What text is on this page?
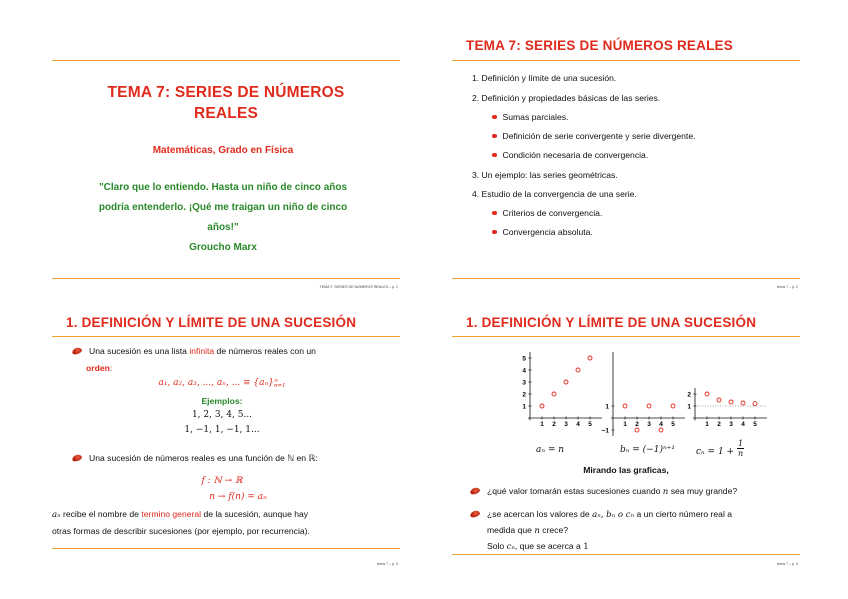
TEMA 7: SERIES DE NÚMEROS
REALES
Matemáticas, Grado en Física
"Claro que lo entiendo. Hasta un niño de cinco años
podría entenderlo. ¡Qué me traigan un niño de cinco
años!"
Groucho Marx
TEMA 7: SERIES DE NÚMEROS REALES – p. 1
TEMA 7: SERIES DE NÚMEROS REALES
1. Definición y límite de una sucesión.
2. Definición y propiedades básicas de las series.
Sumas parciales.
Definición de serie convergente y serie divergente.
Condición necesaria de convergencia.
3. Un ejemplo: las series geométricas.
4. Estudio de la convergencia de una serie.
Criterios de convergencia.
Convergencia absoluta.
tema 7 – p. 2
1. DEFINICIÓN Y LÍMITE DE UNA SUCESIÓN
Una sucesión es una lista infinita de números reales con un
orden:
a₁, a₂, a₃, ..., aₙ, ... ≡ {aₙ} ∞
n=1
Ejemplos:
1, 2, 3, 4, 5...
1, −1, 1, −1, 1...
Una sucesión de números reales es una función de ℕ en ℝ:
f : ℕ → ℝ
n → f(n) = aₙ
aₙ recibe el nombre de termino general de la sucesión, aunque hay
otras formas de describir sucesiones (por ejemplo, por recurrencia).
tema 7 – p. 3
1. DEFINICIÓN Y LÍMITE DE UNA SUCESIÓN
1 2 3 4 5
1
2
3
4
5
1 2 3 4 5
1
−1
1 2 3 4 5
1
2
aₙ = n	bₙ = (−1)ⁿ⁺¹ $c_n = 1 + \frac{1}{n}$
Mirando las graficas,
¿qué valor tomarán estas sucesiones cuando n sea muy grande?
¿se acercan los valores de aₙ, bₙ o cₙ a un cierto número real a
medida que n crece?
Solo cₙ, que se acerca a 1
tema 7 – p. 4
